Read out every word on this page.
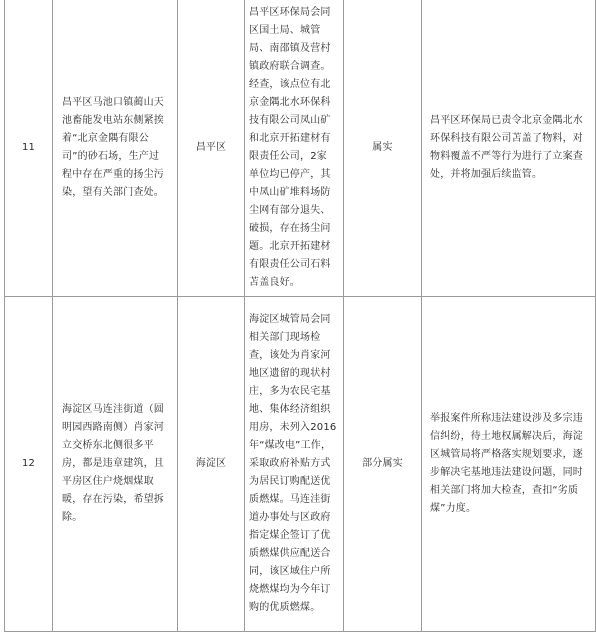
11	昌平区马池口镇蔺山天池畜能发电站东侧紧挨着“北京金隅有限公司”的砂石场，生产过程中存在严重的扬尘污染，望有关部门查处。	昌平区	昌平区环保局会同区国土局、城管局、南邵镇及营村镇政府联合调查。经查，该点位有北京金隅北水环保科技有限公司凤山矿和北京开拓建材有限责任公司，2家单位均已停产，其中凤山矿堆料场防尘网有部分退失、破损，存在扬尘问题。北京开拓建材有限责任公司石料苫盖良好。	属实	昌平区环保局已责令北京金隅北水环保科技有限公司苫盖了物料，对物料覆盖不严等行为进行了立案查处，并将加强后续监管。

12	海淀区马连洼街道（圆明园西路南侧）肖家河立交桥东北侧很多平房，都是违章建筑，且平房区住户烧烟煤取暖，存在污染，希望拆除。	海淀区	海淀区城管局会同相关部门现场检查，该处为肖家河地区遗留的现状村庄，多为农民宅基地、集体经济组织用房，未列入2016年“煤改电”工作，采取政府补贴方式为居民订购配送优质燃煤。马连洼街道办事处与区政府指定煤企签订了优质燃煤供应配送合同，该区域住户所烧燃煤均为今年订购的优质燃煤。	部分属实	举报案件所称违法建设涉及多宗违信纠纷，待土地权属解决后，海淀区城管局将严格落实规划要求，逐步解决宅基地违法建设问题，同时相关部门将加大检查，查扣“劣质煤”力度。
